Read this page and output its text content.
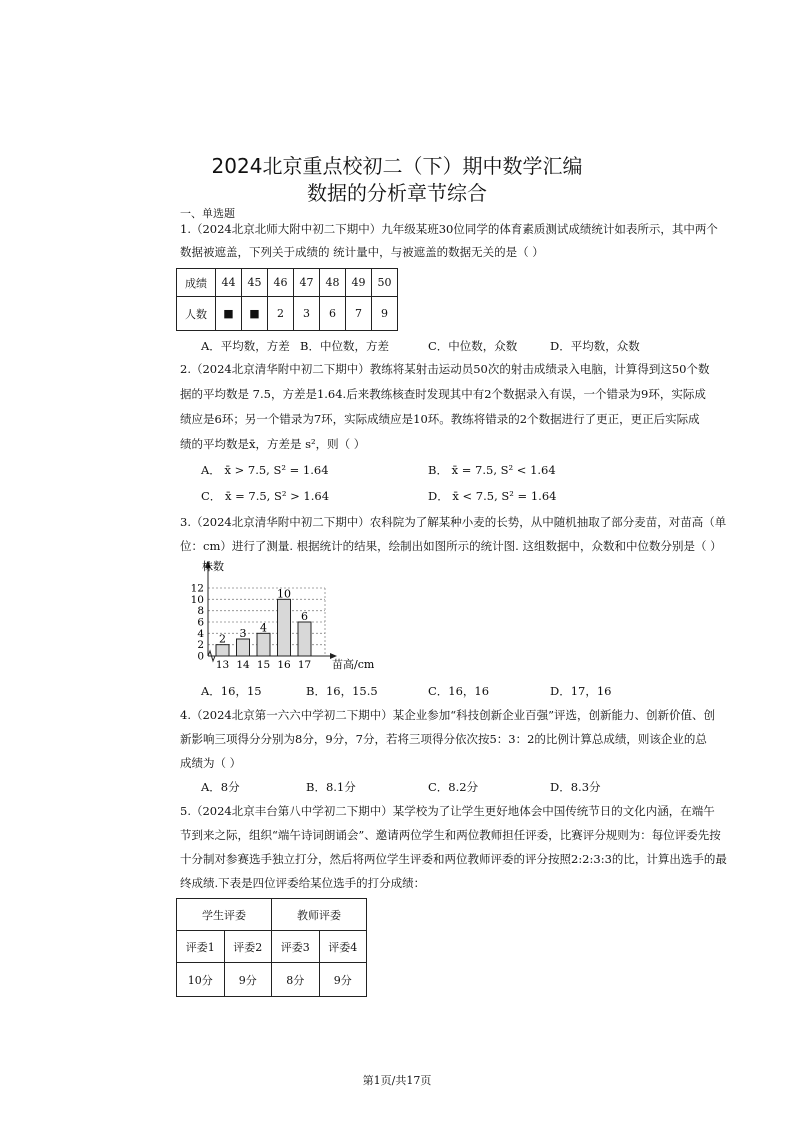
2024北京重点校初二（下）期中数学汇编
数据的分析章节综合
一、单选题
1.（2024北京北师大附中初二下期中）九年级某班30位同学的体育素质测试成绩统计如表所示，其中两个
数据被遮盖，下列关于成绩的 统计量中，与被遮盖的数据无关的是（ ）
成绩	44	45	46	47	48	49	50
人数	■	■	2	3	6	7	9
A．平均数，方差 B．中位数，方差	C．中位数，众数	D．平均数，众数
2.（2024北京清华附中初二下期中）教练将某射击运动员50次的射击成绩录入电脑，计算得到这50个数
据的平均数是 7.5，方差是1.64.后来教练核查时发现其中有2个数据录入有误，一个错录为9环，实际成
绩应是6环；另一个错录为7环，实际成绩应是10环。教练将错录的2个数据进行了更正，更正后实际成
绩的平均数是x̄，方差是 s²，则（ ）
A． x̄ > 7.5, S² = 1.64	B． x̄ = 7.5, S² < 1.64
C． x̄ = 7.5, S² > 1.64	D． x̄ < 7.5, S² = 1.64
3.（2024北京清华附中初二下期中）农科院为了解某种小麦的长势，从中随机抽取了部分麦苗，对苗高（单
位：cm）进行了测量. 根据统计的结果，绘制出如图所示的统计图. 这组数据中，众数和中位数分别是（ ）
2 3 4
10
6
0
2
4
6
8
10
12
13 14 15 16 17
株数
苗高/cm
A．16，15	B．16，15.5	C．16，16	D．17，16
4.（2024北京第一六六中学初二下期中）某企业参加“科技创新企业百强”评选，创新能力、创新价值、创
新影响三项得分分别为8分，9分，7分，若将三项得分依次按5：3：2的比例计算总成绩，则该企业的总
成绩为（ ）
A．8分	B．8.1分	C．8.2分	D．8.3分
5.（2024北京丰台第八中学初二下期中）某学校为了让学生更好地体会中国传统节日的文化内涵，在端午
节到来之际，组织“端午诗词朗诵会”、邀请两位学生和两位教师担任评委，比赛评分规则为：每位评委先按
十分制对参赛选手独立打分，然后将两位学生评委和两位教师评委的评分按照2:2:3:3的比，计算出选手的最
终成绩.下表是四位评委给某位选手的打分成绩：
学生评委		教师评委	
评委1	评委2	评委3	评委4
10分	9分	8分	9分
第1页/共17页
